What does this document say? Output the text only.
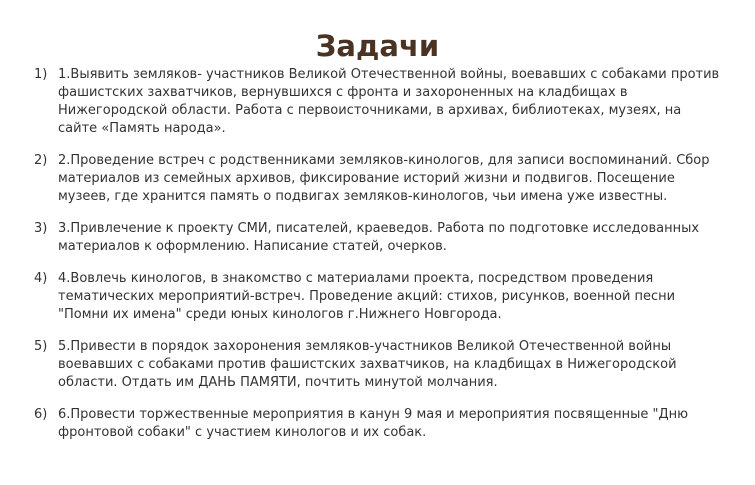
Задачи
1) 1.Выявить земляков- участников Великой Отечественной войны, воевавших с собаками против фашистских захватчиков, вернувшихся с фронта и захороненных на кладбищах в Нижегородской области. Работа с первоисточниками, в архивах, библиотеках, музеях, на сайте «Память народа».
2) 2.Проведение встреч с родственниками земляков-кинологов, для записи воспоминаний. Сбор материалов из семейных архивов, фиксирование историй жизни и подвигов. Посещение музеев, где хранится память о подвигах земляков-кинологов, чьи имена уже известны.
3) 3.Привлечение к проекту СМИ, писателей, краеведов. Работа по подготовке исследованных материалов к оформлению. Написание статей, очерков.
4) 4.Вовлечь кинологов, в знакомство с материалами проекта, посредством проведения тематических мероприятий-встреч. Проведение акций: стихов, рисунков, военной песни "Помни их имена" среди юных кинологов г.Нижнего Новгорода.
5) 5.Привести в порядок захоронения земляков-участников Великой Отечественной войны воевавших с собаками против фашистских захватчиков, на кладбищах в Нижегородской области. Отдать им ДАНЬ ПАМЯТИ, почтить минутой молчания.
6) 6.Провести торжественные мероприятия в канун 9 мая и мероприятия посвященные "Дню фронтовой собаки" с участием кинологов и их собак.
